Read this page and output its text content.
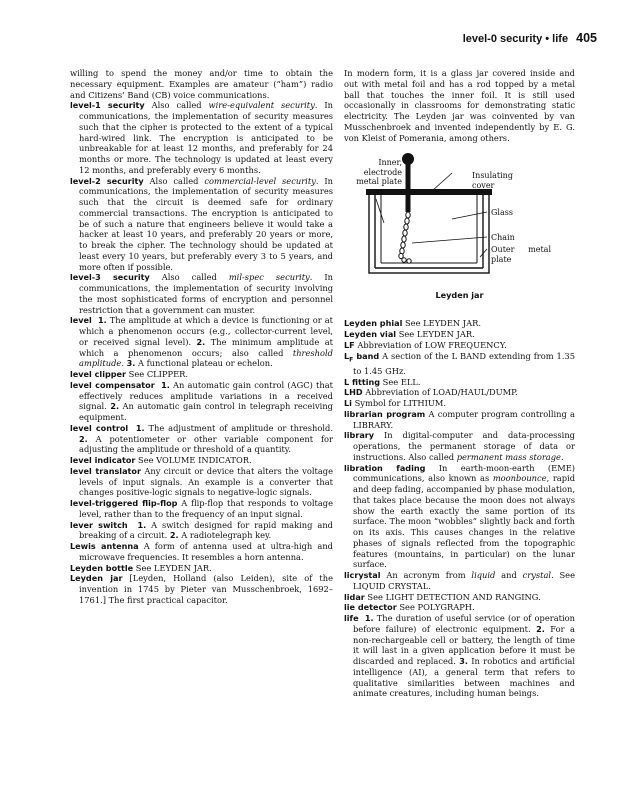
level-0 security • life 405

willing to spend the money and/or time to obtain the necessary equipment. Examples are amateur (“ham”) radio and Citizens’ Band (CB) voice communications.

level-1 security Also called wire-equivalent security. In communications, the implementation of security measures such that the cipher is protected to the extent of a typical hard-wired link. The encryption is anticipated to be unbreakable for at least 12 months, and preferably for 24 months or more. The technology is updated at least every 12 months, and preferably every 6 months.

level-2 security Also called commercial-level security. In communications, the implementation of security measures such that the circuit is deemed safe for ordinary commercial transactions. The encryption is anticipated to be of such a nature that engineers believe it would take a hacker at least 10 years, and preferably 20 years or more, to break the cipher. The technology should be updated at least every 10 years, but preferably every 3 to 5 years, and more often if possible.

level-3 security Also called mil-spec security. In communications, the implementation of security involving the most sophisticated forms of encryption and personnel restriction that a government can muster.

level 1. The amplitude at which a device is functioning or at which a phenomenon occurs (e.g., collector-current level, or received signal level). 2. The minimum amplitude at which a phenomenon occurs; also called threshold amplitude. 3. A functional plateau or echelon.

level clipper See CLIPPER.

level compensator 1. An automatic gain control (AGC) that effectively reduces amplitude variations in a received signal. 2. An automatic gain control in telegraph receiving equipment.

level control 1. The adjustment of amplitude or threshold. 2. A potentiometer or other variable component for adjusting the amplitude or threshold of a quantity.

level indicator See VOLUME INDICATOR.

level translator Any circuit or device that alters the voltage levels of input signals. An example is a converter that changes positive-logic signals to negative-logic signals.

level-triggered flip-flop A flip-flop that responds to voltage level, rather than to the frequency of an input signal.

lever switch 1. A switch designed for rapid making and breaking of a circuit. 2. A radiotelegraph key.

Lewis antenna A form of antenna used at ultra-high and microwave frequencies. It resembles a horn antenna.

Leyden bottle See LEYDEN JAR.

Leyden jar [Leyden, Holland (also Leiden), site of the invention in 1745 by Pieter van Musschenbroek, 1692–1761.] The first practical capacitor.

In modern form, it is a glass jar covered inside and out with metal foil and has a rod topped by a metal ball that touches the inner foil. It is still used occasionally in classrooms for demonstrating static electricity. The Leyden jar was coinvented by van Musschenbroek and invented independently by E. G. von Kleist of Pomerania, among others.

Inner, electrode metal plate
Insulating cover
Glass
Chain
Outer metal plate
Leyden jar

Leyden phial See LEYDEN JAR.

Leyden vial See LEYDEN JAR.

LF Abbreviation of LOW FREQUENCY.

$L_F$ band A section of the L BAND extending from 1.35 to 1.45 GHz.

L fitting See ELL.

LHD Abbreviation of LOAD/HAUL/DUMP.

Li Symbol for LITHIUM.

librarian program A computer program controlling a LIBRARY.

library In digital-computer and data-processing operations, the permanent storage of data or instructions. Also called permanent mass storage.

libration fading In earth-moon-earth (EME) communications, also known as moonbounce, rapid and deep fading, accompanied by phase modulation, that takes place because the moon does not always show the earth exactly the same portion of its surface. The moon “wobbles” slightly back and forth on its axis. This causes changes in the relative phases of signals reflected from the topographic features (mountains, in particular) on the lunar surface.

licrystal An acronym from liquid and crystal. See LIQUID CRYSTAL.

lidar See LIGHT DETECTION AND RANGING.

lie detector See POLYGRAPH.

life 1. The duration of useful service (or of operation before failure) of electronic equipment. 2. For a non-rechargeable cell or battery, the length of time it will last in a given application before it must be discarded and replaced. 3. In robotics and artificial intelligence (AI), a general term that refers to qualitative similarities between machines and animate creatures, including human beings.
